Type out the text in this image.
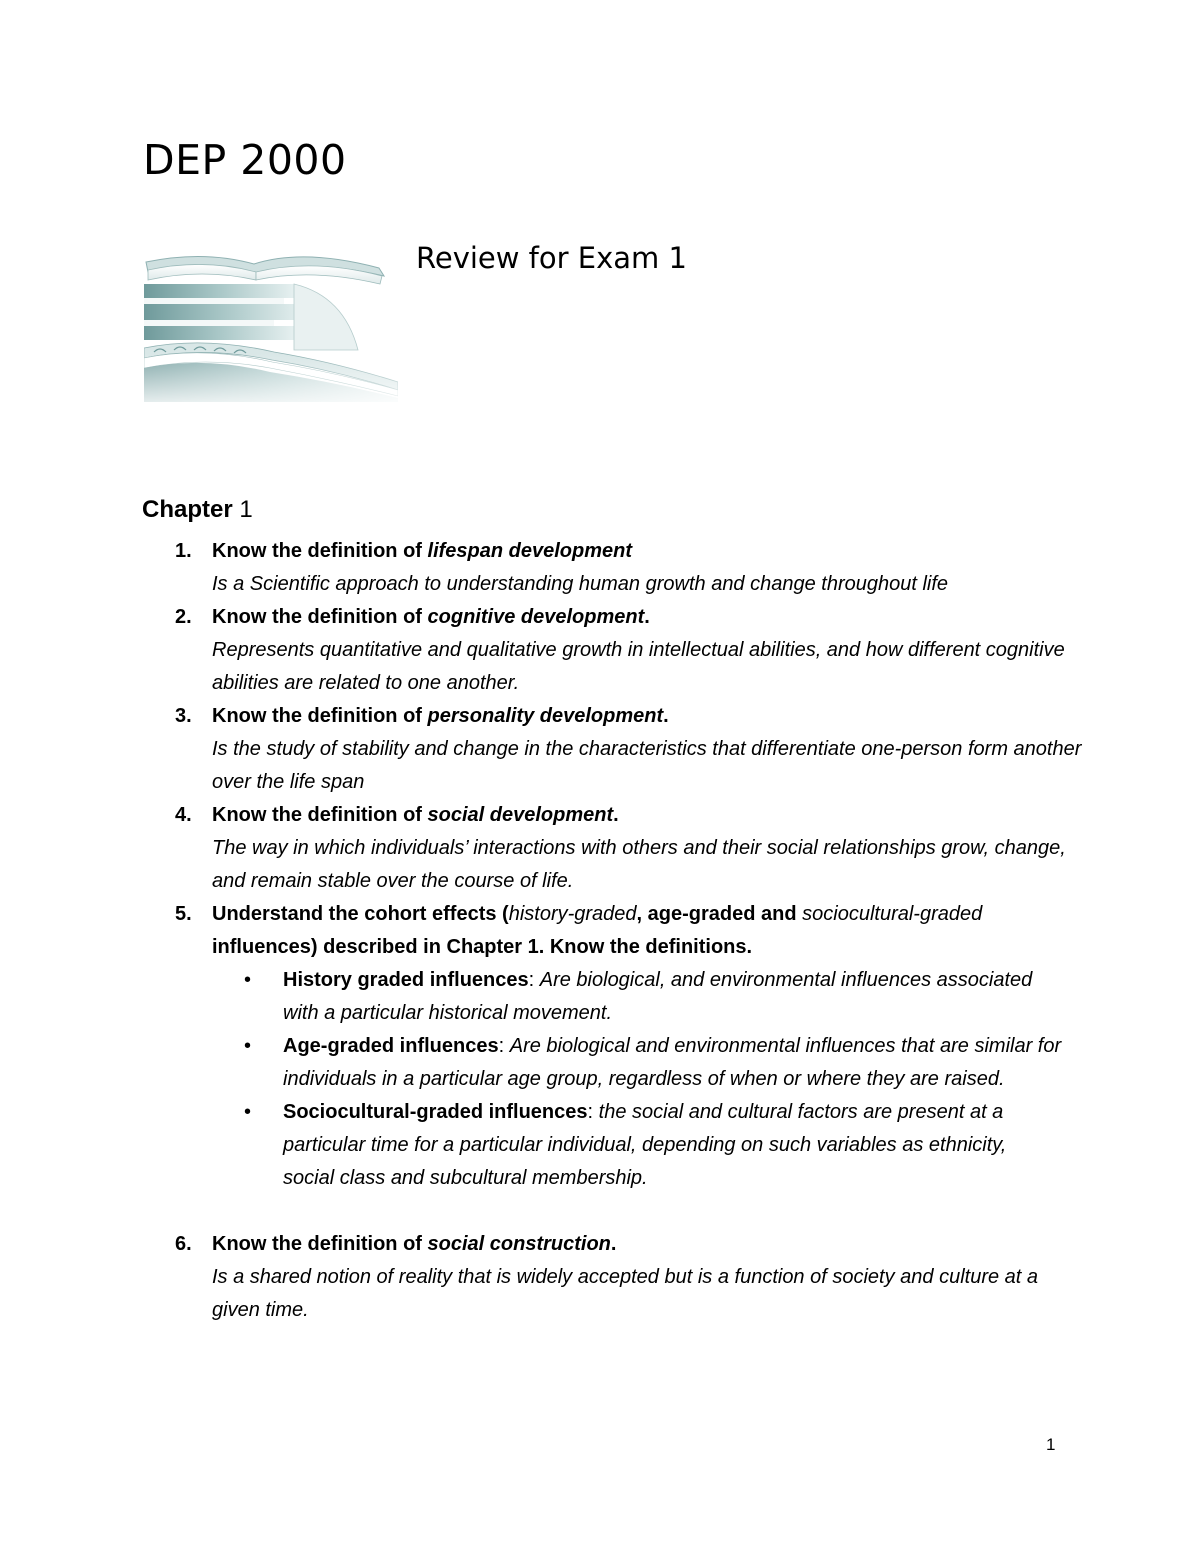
DEP 2000
Review for Exam 1
Chapter 1
1. Know the definition of lifespan development
Is a Scientific approach to understanding human growth and change throughout life
2. Know the definition of cognitive development.
Represents quantitative and qualitative growth in intellectual abilities, and how different cognitive abilities are related to one another.
3. Know the definition of personality development.
Is the study of stability and change in the characteristics that differentiate one-person form another over the life span
4. Know the definition of social development.
The way in which individuals’ interactions with others and their social relationships grow, change, and remain stable over the course of life.
5. Understand the cohort effects (history-graded, age-graded and sociocultural-graded influences) described in Chapter 1. Know the definitions.
• History graded influences: Are biological, and environmental influences associated with a particular historical movement.
• Age-graded influences: Are biological and environmental influences that are similar for individuals in a particular age group, regardless of when or where they are raised.
• Sociocultural-graded influences: the social and cultural factors are present at a particular time for a particular individual, depending on such variables as ethnicity, social class and subcultural membership.
6. Know the definition of social construction.
Is a shared notion of reality that is widely accepted but is a function of society and culture at a given time.
1
